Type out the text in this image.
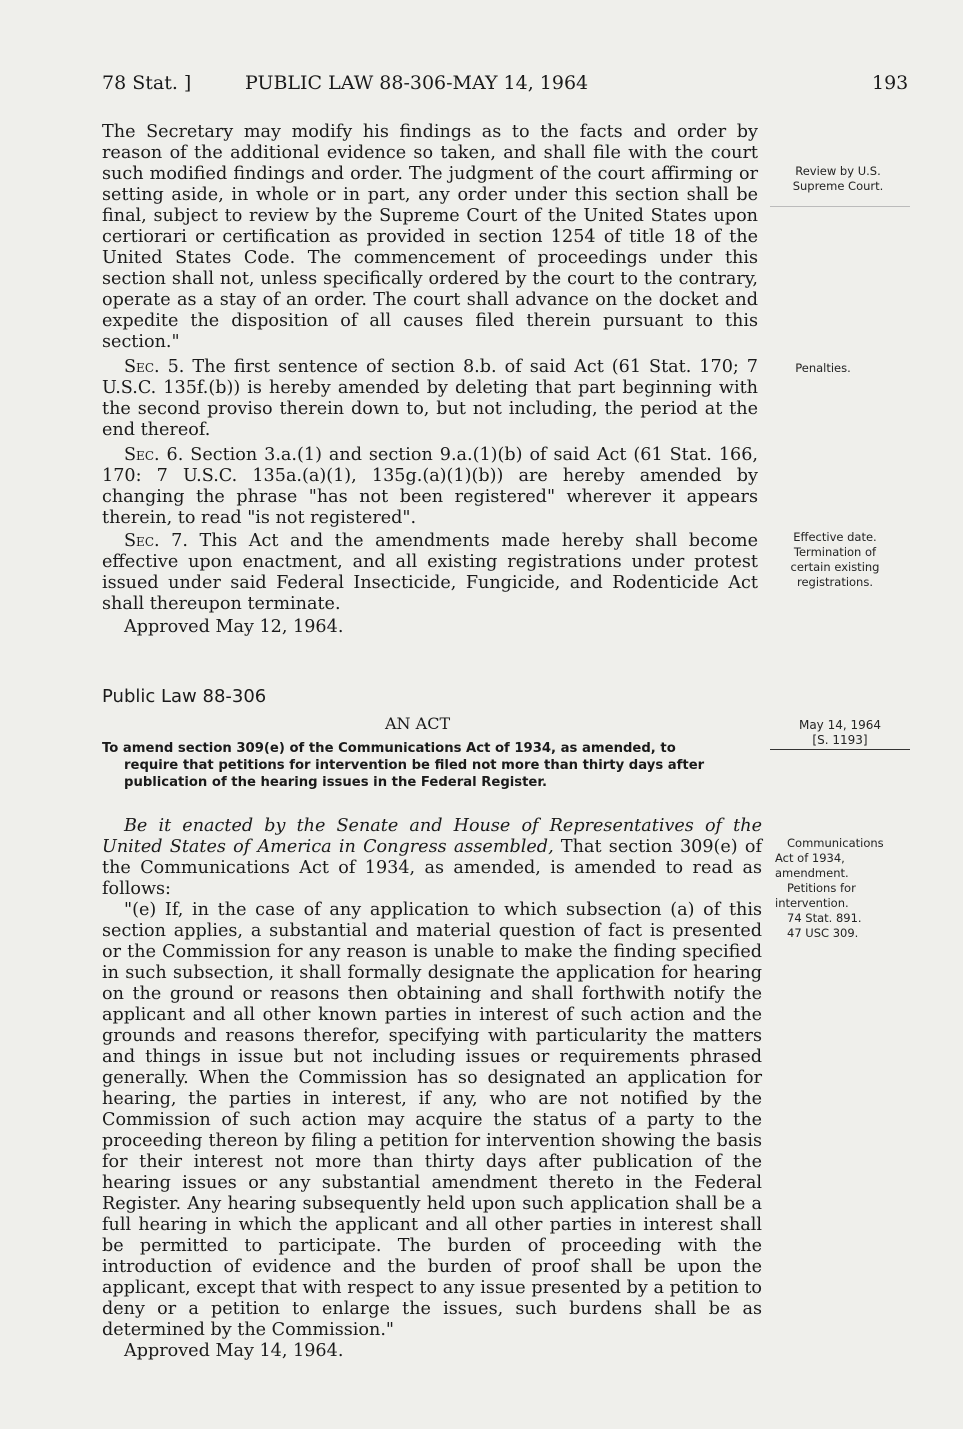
78 Stat. ]	PUBLIC LAW 88-306-MAY 14, 1964	193

The Secretary may modify his findings as to the facts and order by reason of the additional evidence so taken, and shall file with the court such modified findings and order. The judgment of the court affirming or setting aside, in whole or in part, any order under this section shall be final, subject to review by the Supreme Court of the United States upon certiorari or certification as provided in section 1254 of title 18 of the United States Code. The commencement of proceedings under this section shall not, unless specifically ordered by the court to the contrary, operate as a stay of an order. The court shall advance on the docket and expedite the disposition of all causes filed therein pursuant to this section."

Sec. 5. The first sentence of section 8.b. of said Act (61 Stat. 170; 7 U.S.C. 135f.(b)) is hereby amended by deleting that part beginning with the second proviso therein down to, but not including, the period at the end thereof.

Sec. 6. Section 3.a.(1) and section 9.a.(1)(b) of said Act (61 Stat. 166, 170: 7 U.S.C. 135a.(a)(1), 135g.(a)(1)(b)) are hereby amended by changing the phrase "has not been registered" wherever it appears therein, to read "is not registered".

Sec. 7. This Act and the amendments made hereby shall become effective upon enactment, and all existing registrations under protest issued under said Federal Insecticide, Fungicide, and Rodenticide Act shall thereupon terminate.

Approved May 12, 1964.

Review by U.S.
Supreme Court.
Penalties.
Effective date.
Termination of
certain existing
registrations.
Public Law 88-306
AN ACT	May 14, 1964
[S. 1193]
To amend section 309(e) of the Communications Act of 1934, as amended, to
require that petitions for intervention be filed not more than thirty days after publication of the hearing issues in the Federal Register.

Be it enacted by the Senate and House of Representatives of the United States of America in Congress assembled, That section 309(e) of the Communications Act of 1934, as amended, is amended to read as follows:

"(e) If, in the case of any application to which subsection (a) of this section applies, a substantial and material question of fact is presented or the Commission for any reason is unable to make the finding specified in such subsection, it shall formally designate the application for hearing on the ground or reasons then obtaining and shall forthwith notify the applicant and all other known parties in interest of such action and the grounds and reasons therefor, specifying with particularity the matters and things in issue but not including issues or requirements phrased generally. When the Commission has so designated an application for hearing, the parties in interest, if any, who are not notified by the Commission of such action may acquire the status of a party to the proceeding thereon by filing a petition for intervention showing the basis for their interest not more than thirty days after publication of the hearing issues or any substantial amendment thereto in the Federal Register. Any hearing subsequently held upon such application shall be a full hearing in which the applicant and all other parties in interest shall be permitted to participate. The burden of proceeding with the introduction of evidence and the burden of proof shall be upon the applicant, except that with respect to any issue presented by a petition to deny or a petition to enlarge the issues, such burdens shall be as determined by the Commission."

Approved May 14, 1964.

Communications
Act of 1934,
amendment.
Petitions for
intervention.
74 Stat. 891.
47 USC 309.
